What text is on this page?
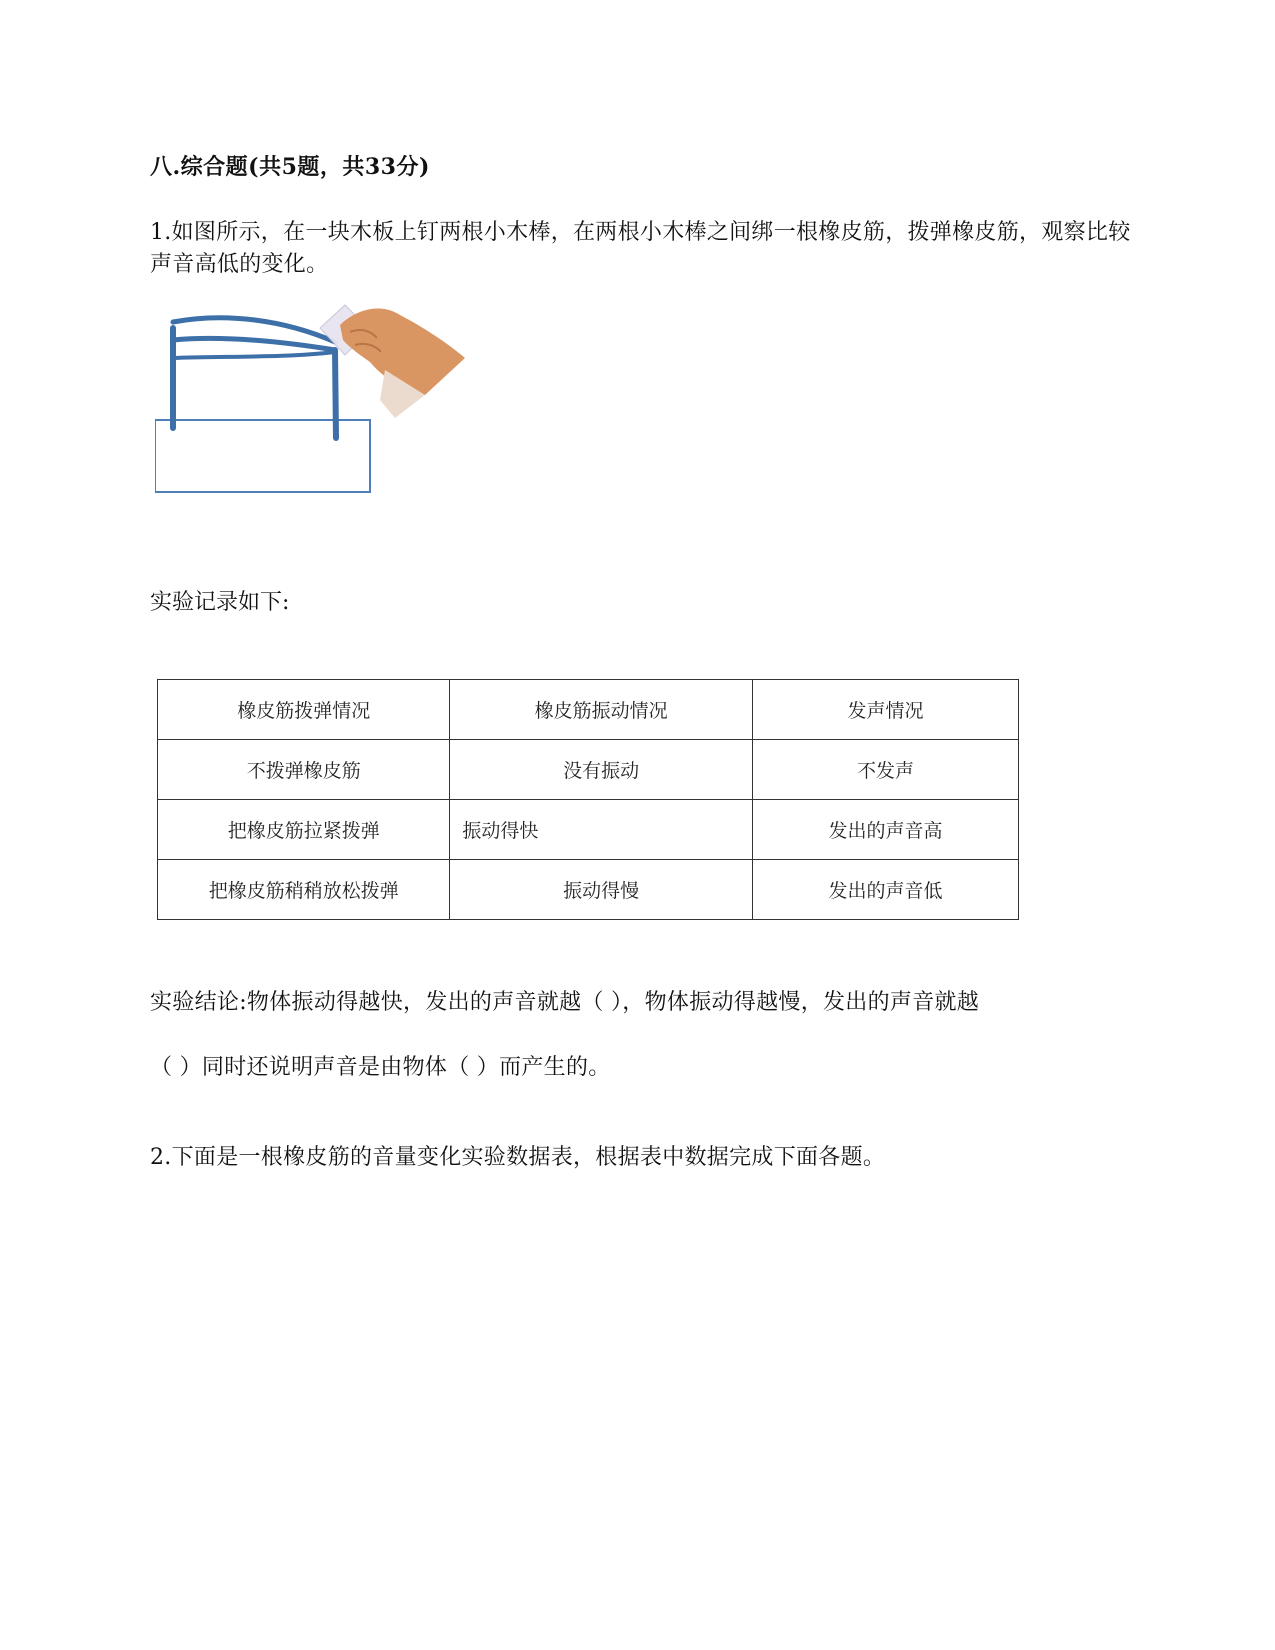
八.综合题(共5题，共33分)
1.如图所示，在一块木板上钉两根小木棒，在两根小木棒之间绑一根橡皮筋，拨弹橡皮筋，观察比较声音高低的变化。
实验记录如下:
橡皮筋拨弹情况	橡皮筋振动情况	发声情况
不拨弹橡皮筋	没有振动	不发声
把橡皮筋拉紧拨弹	振动得快	发出的声音高
把橡皮筋稍稍放松拨弹	振动得慢	发出的声音低
实验结论:物体振动得越快，发出的声音就越（ ），物体振动得越慢，发出的声音就越
（ ）同时还说明声音是由物体（ ）而产生的。
2.下面是一根橡皮筋的音量变化实验数据表，根据表中数据完成下面各题。
